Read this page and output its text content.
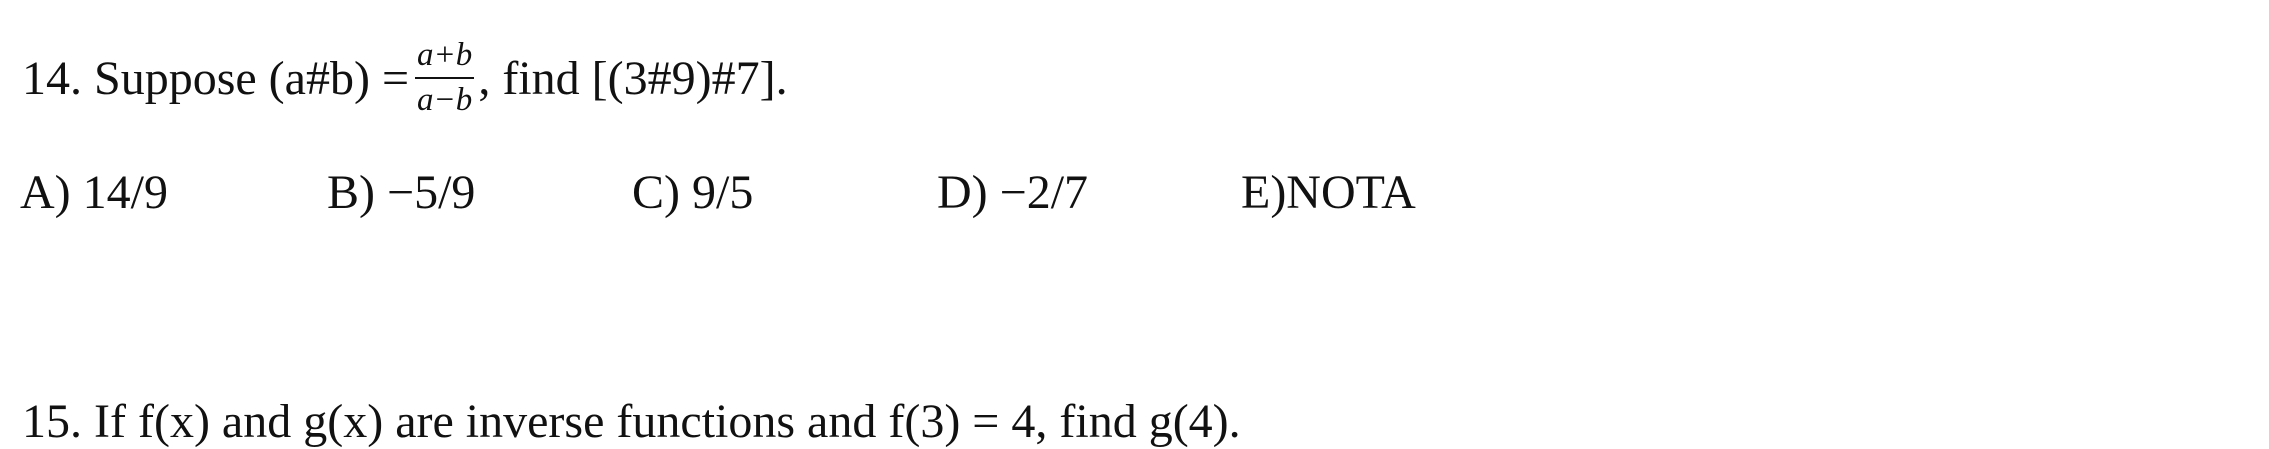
14. Suppose (a#b) = $\frac{a+b}{a-b}$ , find [(3#9)#7].
A) 14/9	B) −5/9	C) 9/5	D) −2/7	E)NOTA
15. If f(x) and g(x) are inverse functions and f(3) = 4, find g(4).
